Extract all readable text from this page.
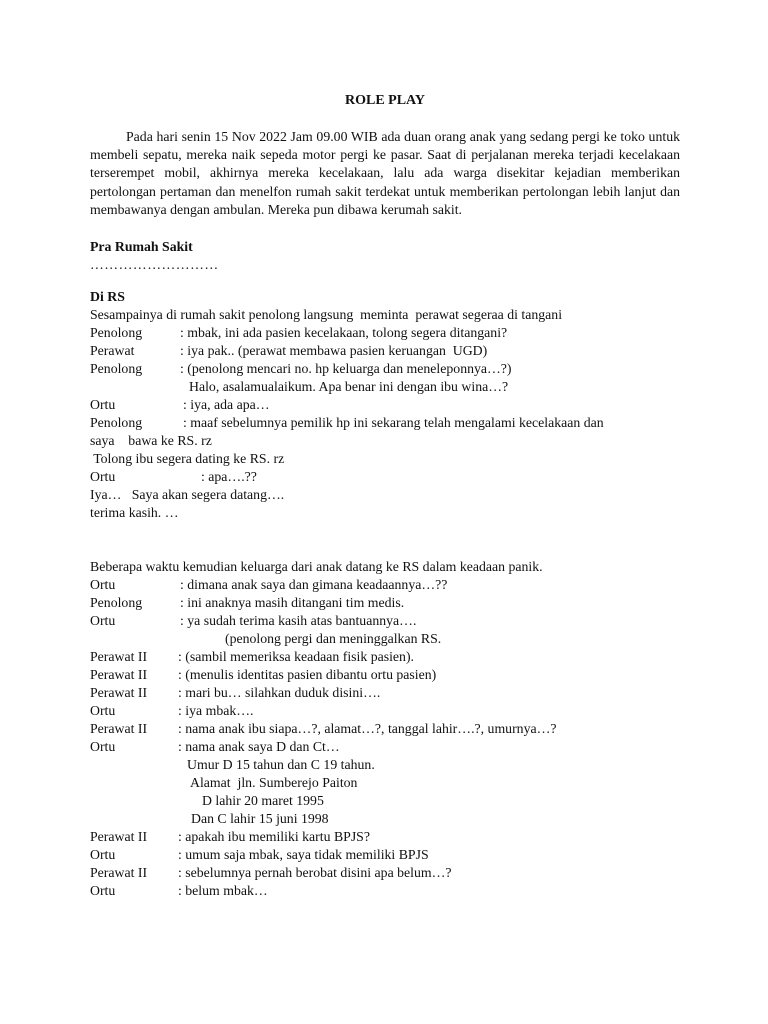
ROLE PLAY

Pada hari senin 15 Nov 2022 Jam 09.00 WIB ada duan orang anak yang sedang pergi ke toko untuk membeli sepatu, mereka naik sepeda motor pergi ke pasar. Saat di perjalanan mereka terjadi kecelakaan terserempet mobil, akhirnya mereka kecelakaan, lalu ada warga disekitar kejadian memberikan pertolongan pertaman dan menelfon rumah sakit terdekat untuk memberikan pertolongan lebih lanjut dan membawanya dengan ambulan. Mereka pun dibawa kerumah sakit.

Pra Rumah Sakit
………………………
Di RS
Sesampainya di rumah sakit penolong langsung  meminta  perawat segeraa di tangani

Penolong

	: mbak, ini ada pasien kecelakaan, tolong segera ditangani?

Perawat

	: iya pak.. (perawat membawa pasien keruangan  UGD)

Penolong

	: (penolong mencari no. hp keluarga dan meneleponnya…?)

Halo, asalamualaikum. Apa benar ini dengan ibu wina…?

Ortu

	: iya, ada apa…

Penolong

	: maaf sebelumnya pemilik hp ini sekarang telah mengalami kecelakaan dan

saya    bawa ke RS. rz
Tolong ibu segera dating ke RS. rz

Ortu

	: apa….??

Iya…   Saya akan segera datang….
terima kasih. …
Beberapa waktu kemudian keluarga dari anak datang ke RS dalam keadaan panik.

Ortu

	: dimana anak saya dan gimana keadaannya…??

Penolong

	: ini anaknya masih ditangani tim medis.

Ortu

	: ya sudah terima kasih atas bantuannya….

(penolong pergi dan meninggalkan RS.

Perawat II

: (sambil memeriksa keadaan fisik pasien).

Perawat II

: (menulis identitas pasien dibantu ortu pasien)

Perawat II

: mari bu… silahkan duduk disini….

Ortu

	: iya mbak….

Perawat II

: nama anak ibu siapa…?, alamat…?, tanggal lahir….?, umurnya…?

Ortu

	: nama anak saya D dan Ct…

Umur D 15 tahun dan C 19 tahun.

Alamat  jln. Sumberejo Paiton

D lahir 20 maret 1995

Dan C lahir 15 juni 1998

Perawat II

: apakah ibu memiliki kartu BPJS?

Ortu

	: umum saja mbak, saya tidak memiliki BPJS

Perawat II

: sebelumnya pernah berobat disini apa belum…?

Ortu

	: belum mbak…
